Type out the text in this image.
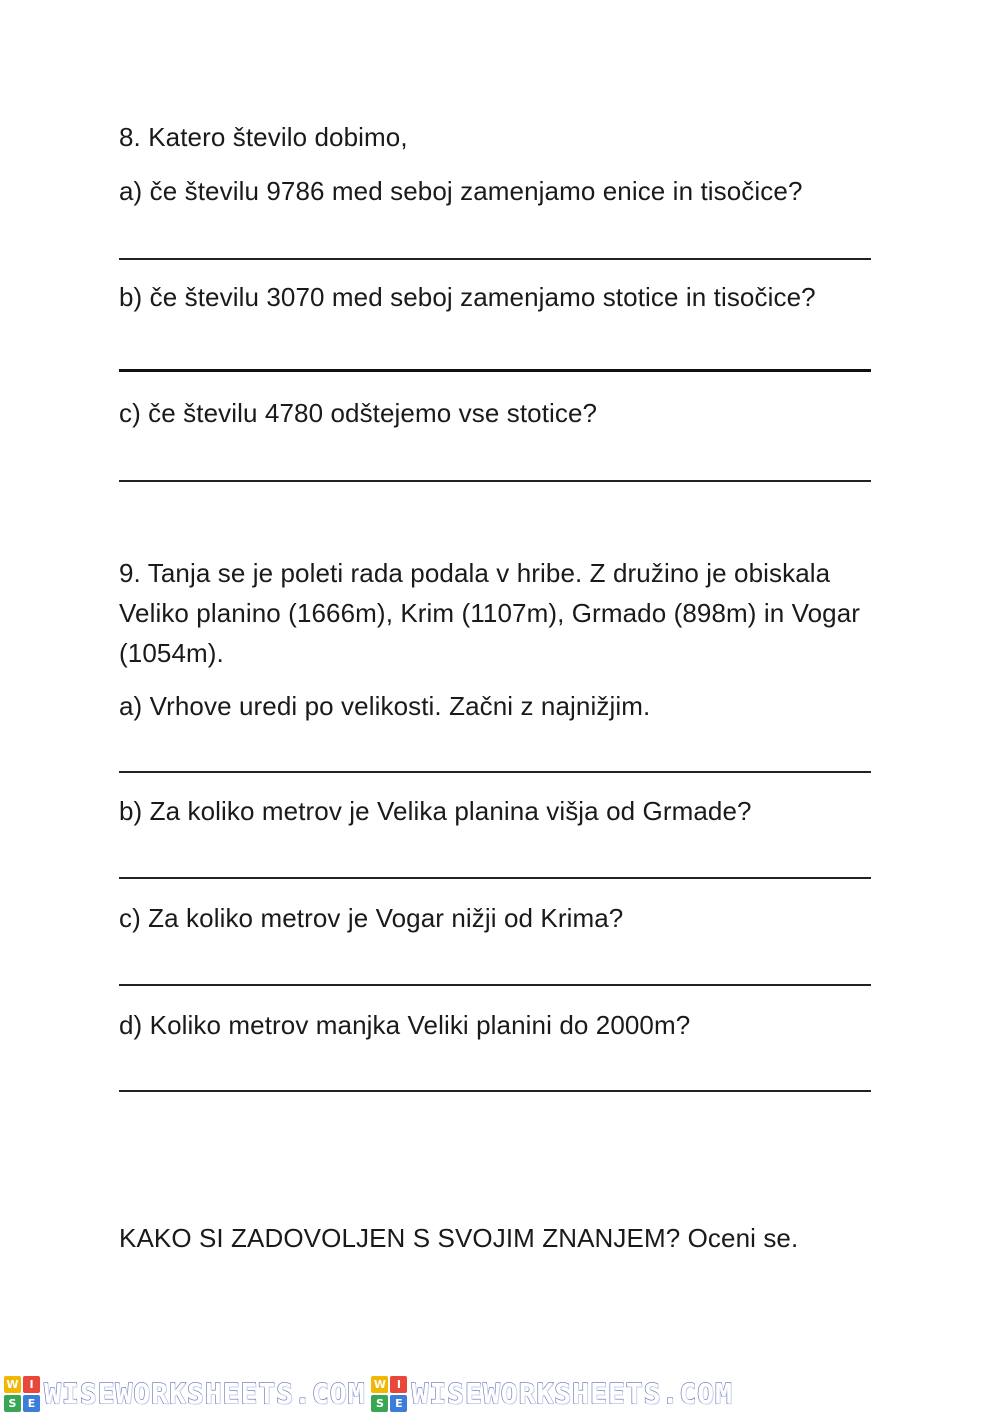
8. Katero število dobimo,
a) če številu 9786 med seboj zamenjamo enice in tisočice?
b) če številu 3070 med seboj zamenjamo stotice in tisočice?
c) če številu 4780 odštejemo vse stotice?
9. Tanja se je poleti rada podala v hribe. Z družino je obiskala Veliko planino (1666m), Krim (1107m), Grmado (898m) in Vogar (1054m).
a) Vrhove uredi po velikosti. Začni z najnižjim.
b) Za koliko metrov je Velika planina višja od Grmade?
c) Za koliko metrov je Vogar nižji od Krima?
d) Koliko metrov manjka Veliki planini do 2000m?
KAKO SI ZADOVOLJEN S SVOJIM ZNANJEM? Oceni se.
W I
S	E WISEWORKSHEETS.COM W I
S	E WISEWORKSHEETS.COM
